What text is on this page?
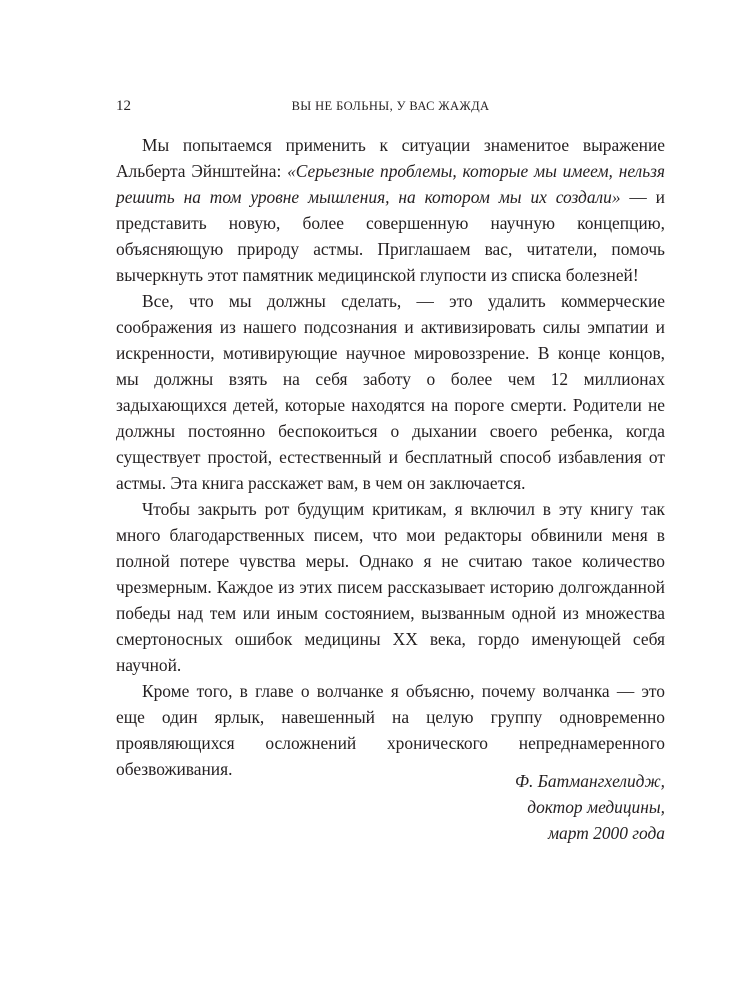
12	ВЫ НЕ БОЛЬНЫ, У ВАС ЖАЖДА

Мы попытаемся применить к ситуации знаменитое выражение Альберта Эйнштейна: «Серьезные проблемы, которые мы имеем, нельзя решить на том уровне мышления, на котором мы их создали» — и представить новую, более совершенную научную концепцию, объясняющую природу астмы. Приглашаем вас, читатели, помочь вычеркнуть этот памятник медицинской глупости из списка болезней!

Все, что мы должны сделать, — это удалить коммерческие соображения из нашего подсознания и активизировать силы эмпатии и искренности, мотивирующие научное мировоззрение. В конце концов, мы должны взять на себя заботу о более чем 12 миллионах задыхающихся детей, которые находятся на пороге смерти. Родители не должны постоянно беспокоиться о дыхании своего ребенка, когда существует простой, естественный и бесплатный способ избавления от астмы. Эта книга расскажет вам, в чем он заключается.

Чтобы закрыть рот будущим критикам, я включил в эту книгу так много благодарственных писем, что мои редакторы обвинили меня в полной потере чувства меры. Однако я не считаю такое количество чрезмерным. Каждое из этих писем рассказывает историю долгожданной победы над тем или иным состоянием, вызванным одной из множества смертоносных ошибок медицины XX века, гордо именующей себя научной.

Кроме того, в главе о волчанке я объясню, почему волчанка — это еще один ярлык, навешенный на целую группу одновременно проявляющихся осложнений хронического непреднамеренного обезвоживания.

Ф. Батмангхелидж,
доктор медицины,
март 2000 года
